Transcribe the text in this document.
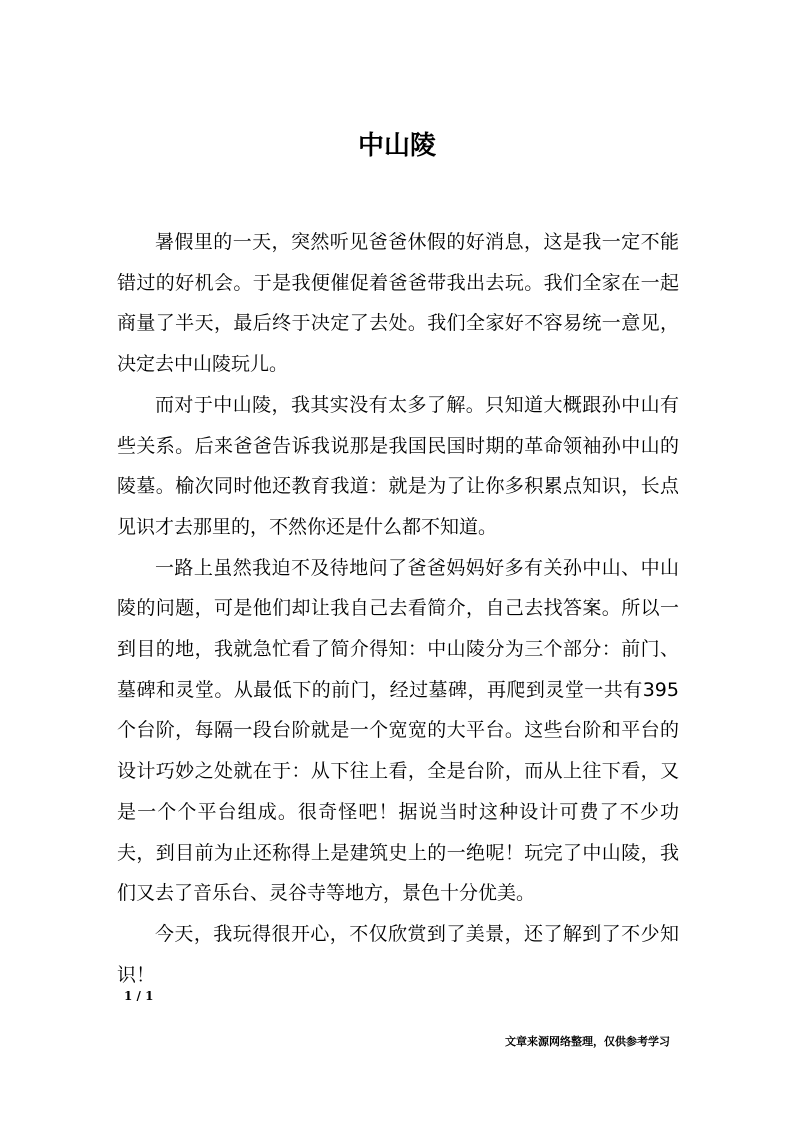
中山陵

暑假里的一天，突然听见爸爸休假的好消息，这是我一定不能错过的好机会。于是我便催促着爸爸带我出去玩。我们全家在一起商量了半天，最后终于决定了去处。我们全家好不容易统一意见，决定去中山陵玩儿。

而对于中山陵，我其实没有太多了解。只知道大概跟孙中山有些关系。后来爸爸告诉我说那是我国民国时期的革命领袖孙中山的陵墓。榆次同时他还教育我道：就是为了让你多积累点知识，长点见识才去那里的，不然你还是什么都不知道。

一路上虽然我迫不及待地问了爸爸妈妈好多有关孙中山、中山陵的问题，可是他们却让我自己去看简介，自己去找答案。所以一到目的地，我就急忙看了简介得知：中山陵分为三个部分：前门、墓碑和灵堂。从最低下的前门，经过墓碑，再爬到灵堂一共有395个台阶，每隔一段台阶就是一个宽宽的大平台。这些台阶和平台的设计巧妙之处就在于：从下往上看，全是台阶，而从上往下看，又是一个个平台组成。很奇怪吧！据说当时这种设计可费了不少功夫，到目前为止还称得上是建筑史上的一绝呢！玩完了中山陵，我们又去了音乐台、灵谷寺等地方，景色十分优美。

今天，我玩得很开心，不仅欣赏到了美景，还了解到了不少知识！

1 / 1
文章来源网络整理，仅供参考学习
